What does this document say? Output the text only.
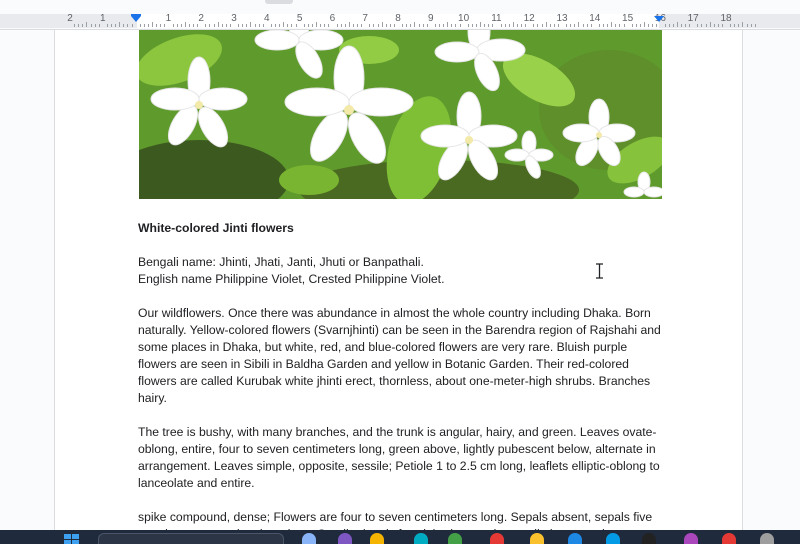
2	1	1	2	3	4	5	6	7	8	9 10 11 12 13 14 15 16 17 18

White-colored Jinti flowers

Bengali name: Jhinti, Jhati, Janti, Jhuti or Banpathali.
English name Philippine Violet, Crested Philippine Violet.

Our wildflowers. Once there was abundance in almost the whole country including Dhaka. Born naturally. Yellow-colored flowers (Svarnjhinti) can be seen in the Barendra region of Rajshahi and some places in Dhaka, but white, red, and blue-colored flowers are very rare. Bluish purple flowers are seen in Sibili in Baldha Garden and yellow in Botanic Garden. Their red-colored flowers are called Kurubak white jhinti erect, thornless, about one-meter-high shrubs. Branches hairy.

The tree is bushy, with many branches, and the trunk is angular, hairy, and green. Leaves ovate-oblong, entire, four to seven centimeters long, green above, lightly pubescent below, alternate in arrangement. Leaves simple, opposite, sessile; Petiole 1 to 2.5 cm long, leaflets elliptic-oblong to lanceolate and entire.

spike compound, dense; Flowers are four to seven centimeters long. Sepals absent, sepals five
